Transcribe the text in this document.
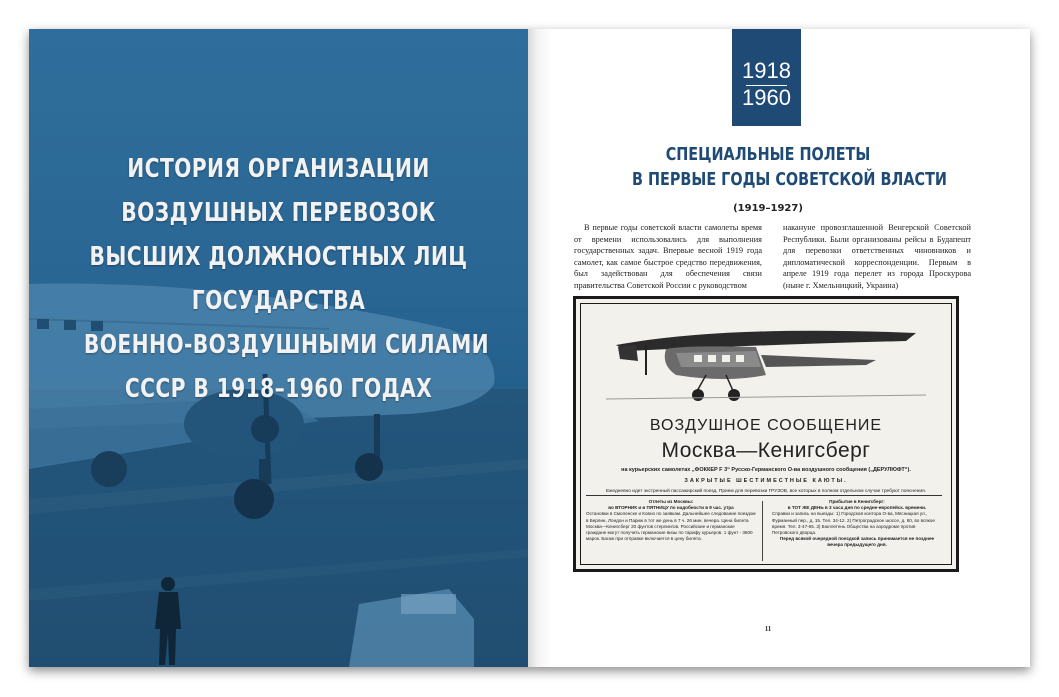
ИСТОРИЯ ОРГАНИЗАЦИИ
ВОЗДУШНЫХ ПЕРЕВОЗОК
ВЫСШИХ ДОЛЖНОСТНЫХ ЛИЦ
ГОСУДАРСТВА
ВОЕННО-ВОЗДУШНЫМИ СИЛАМИ
СССР В 1918–1960 ГОДАХ
1918
1960
СПЕЦИАЛЬНЫЕ ПОЛЕТЫ
В ПЕРВЫЕ ГОДЫ СОВЕТСКОЙ ВЛАСТИ
(1919–1927)
В первые годы советской власти самолеты время от времени использовались для выполнения государственных задач. Впервые весной 1919 года самолет, как самое быстрое средство передвижения, был задействован для обеспечения связи правительства Советской России с руководством
накануне провозглашенной Венгерской Советской Республики. Были организованы рейсы в Будапешт для перевозки ответственных чиновников и дипломатической корреспонденции. Первым в апреле 1919 года перелет из города Проскурова (ныне г. Хмельницкий, Украина)
ВОЗДУШНОЕ СООБЩЕНИЕ
Москва—Кенигсберг
на курьерских самолетах „ФОККЕР F 3“ Русско-Германского О-ва воздушного сообщения („ДЕРУЛЮФТ“).
ЗАКРЫТЫЕ ШЕСТИМЕСТНЫЕ КАЮТЫ.
Ежедневно идет экстренный пассажирский поезд. Прием для перевозки ГРУЗОВ, все которых в полном отдельном случае требуют пояснения.
Отлеты из Москвы:
во ВТОРНИК и в ПЯТНИЦУ по надобности в 9 час. утра
Остановки в Смоленске и Ковно по заявкам. Дальнейшее следование поездом в Берлин, Лондон и Париж в тот же день в 7 ч. 26 мин. вечера. Цена билета Москва—Кенигсберг 20 фунтов стерлингов. Российские и германские граждане могут получить германские визы по тарифу курьеров. 1 фунт - 3600 марок. Багаж при отправке включается в цену билета.
Прибытие в Кенигсберг:
в ТОТ ЖЕ ДЕНЬ в 3 часа дня по средне-европейск. времени.
Справки и запись на выезды: 1) Городская контора О-ва, Мясницкая ул., Фурманный пер., д. 15. Тел. 34-12. 2) Петроградское шоссе, д. 60, во всякое время. Тел. 3-47-65. 3) Бюллетень Общества на аэродроме против Петровского дворца.
Перед всякой очередной поездкой запись принимается не позднее вечера предыдущего дня.
11
